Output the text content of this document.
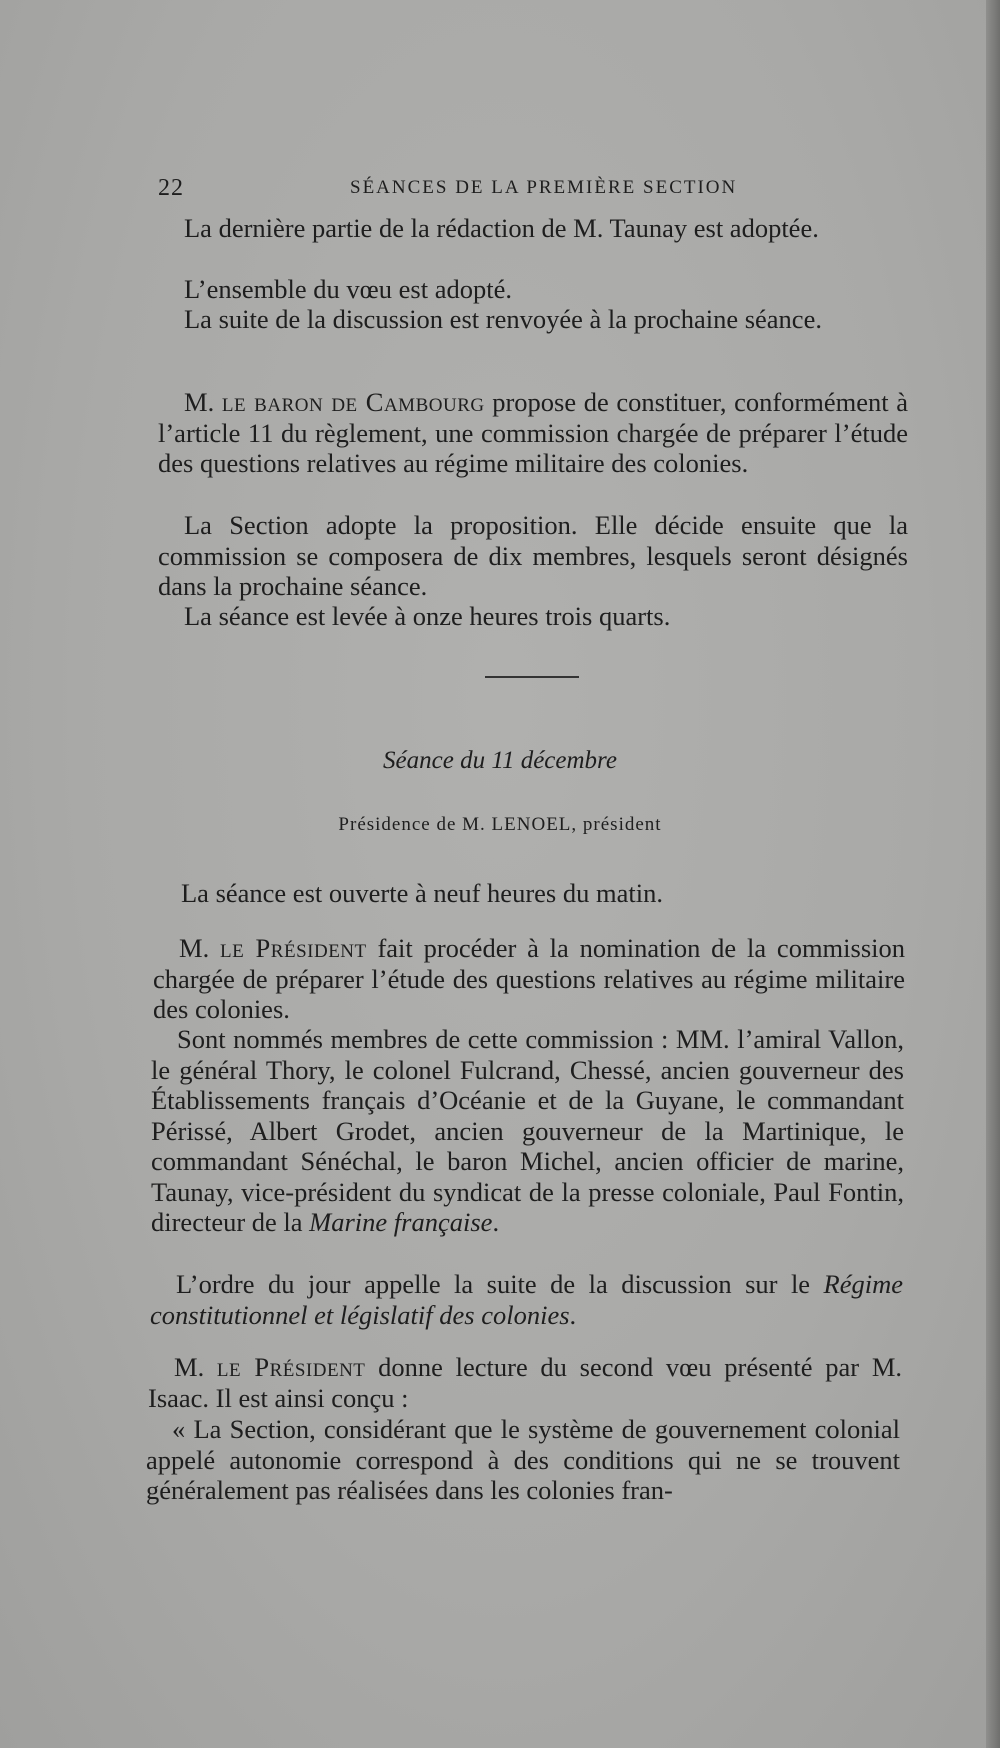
22	SÉANCES DE LA PREMIÈRE SECTION
La dernière partie de la rédaction de M. Taunay est adoptée.
L’ensemble du vœu est adopté.
La suite de la discussion est renvoyée à la prochaine séance.
M. le baron de Cambourg propose de constituer, conformément à l’article 11 du règlement, une commission chargée de préparer l’étude des questions relatives au régime militaire des colonies.
La Section adopte la proposition. Elle décide ensuite que la commission se composera de dix membres, lesquels seront désignés dans la prochaine séance.
La séance est levée à onze heures trois quarts.
Séance du 11 décembre
Présidence de M. LENOEL, président
La séance est ouverte à neuf heures du matin.
M. le Président fait procéder à la nomination de la commission chargée de préparer l’étude des questions relatives au régime militaire des colonies.
Sont nommés membres de cette commission : MM. l’amiral Vallon, le général Thory, le colonel Fulcrand, Chessé, ancien gouverneur des Établissements français d’Océanie et de la Guyane, le commandant Périssé, Albert Grodet, ancien gouverneur de la Martinique, le commandant Sénéchal, le baron Michel, ancien officier de marine, Taunay, vice-président du syndicat de la presse coloniale, Paul Fontin, directeur de la Marine française.
L’ordre du jour appelle la suite de la discussion sur le Régime constitutionnel et législatif des colonies.
M. le Président donne lecture du second vœu présenté par M. Isaac. Il est ainsi conçu :
« La Section, considérant que le système de gouvernement colonial appelé autonomie correspond à des conditions qui ne se trouvent généralement pas réalisées dans les colonies fran-
